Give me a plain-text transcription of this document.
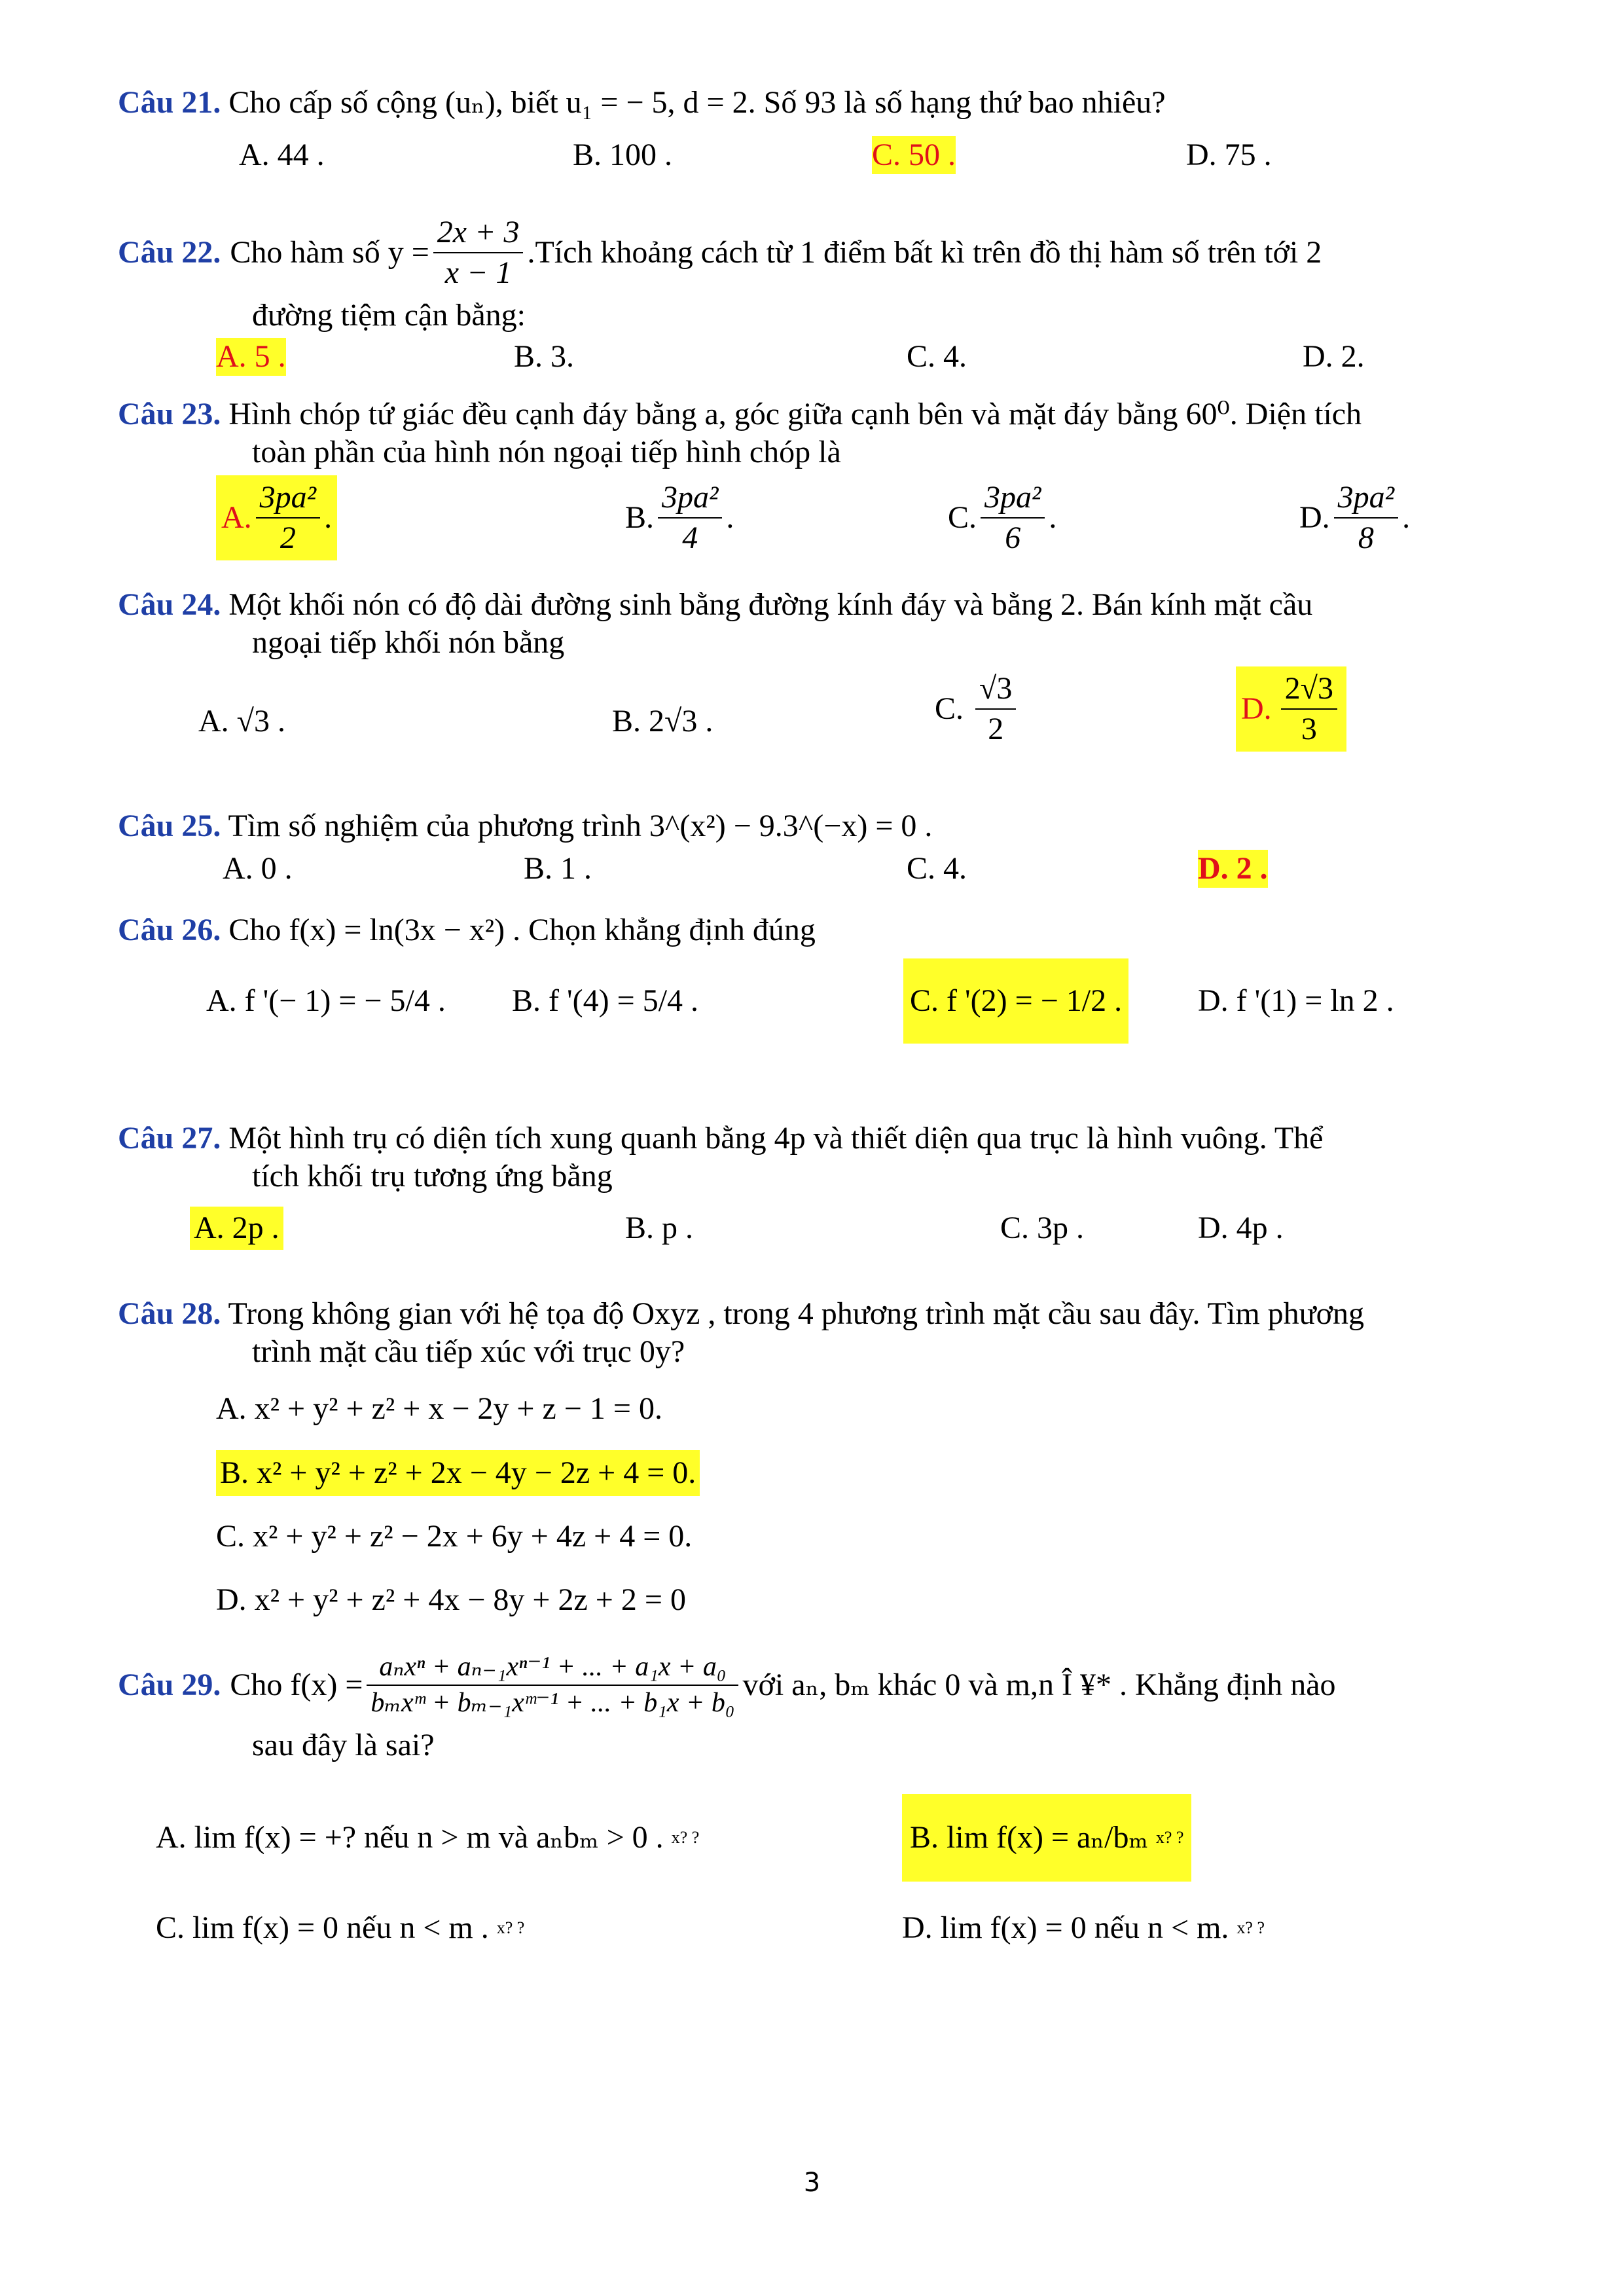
Câu 21. Cho cấp số cộng (uₙ), biết u₁ = − 5, d = 2. Số 93 là số hạng thứ bao nhiêu?
A. 44 .	B. 100 .	C. 50 .	D. 75 .
Câu 22. Cho hàm số $y = \frac{2x + 3}{x - 1}$ .Tích khoảng cách từ 1 điểm bất kì trên đồ thị hàm số trên tới 2
đường tiệm cận bằng:
A. 5 .	B. 3.	C. 4.	D. 2.
Câu 23. Hình chóp tứ giác đều cạnh đáy bằng a, góc giữa cạnh bên và mặt đáy bằng 60⁰. Diện tích
toàn phần của hình nón ngoại tiếp hình chóp là
A. $\frac{\text{3pa²}}{2}$ .	B. $\frac{\text{3pa²}}{4}$ .	C. $\frac{\text{3pa²}}{6}$ .	D. $\frac{\text{3pa²}}{8}$ .
Câu 24. Một khối nón có độ dài đường sinh bằng đường kính đáy và bằng 2. Bán kính mặt cầu
ngoại tiếp khối nón bằng
A. √3 .	B. 2√3 .	C. $\frac{√3}{2}$	D. $\frac{2√3}{3}$
Câu 25. Tìm số nghiệm của phương trình 3^(x²) − 9.3^(−x) = 0 .
A. 0 .	B. 1 .	C. 4.	D. 2 .
Câu 26. Cho f(x) = ln(3x − x²) . Chọn khẳng định đúng
A. f '(− 1) = − 5/4 . B. f '(4) = 5/4 .	C. f '(2) = − 1/2 . D. f '(1) = ln 2 .
Câu 27. Một hình trụ có diện tích xung quanh bằng 4p và thiết diện qua trục là hình vuông. Thể
tích khối trụ tương ứng bằng
A. 2p .	B. p .	C. 3p .	D. 4p .
Câu 28. Trong không gian với hệ tọa độ Oxyz , trong 4 phương trình mặt cầu sau đây. Tìm phương
trình mặt cầu tiếp xúc với trục 0y?
A. x² + y² + z² + x − 2y + z − 1 = 0.
B. x² + y² + z² + 2x − 4y − 2z + 4 = 0.
C. x² + y² + z² − 2x + 6y + 4z + 4 = 0.
D. x² + y² + z² + 4x − 8y + 2z + 2 = 0
Câu 29. Cho $f(x) = \frac{\text{aₙxⁿ + aₙ₋₁xⁿ⁻¹ + ... + a₁x + a₀}}{\text{bₘxᵐ + bₘ₋₁xᵐ⁻¹ + ... + b₁x + b₀}}$ với aₙ, bₘ khác 0 và m,n Î ¥* . Khẳng định nào
sau đây là sai?
A. lim f(x) = +? nếu n > m và aₙbₘ > 0 . x? ?	B. lim f(x) = aₙ/bₘ x? ?
C. lim f(x) = 0 nếu n < m . x? ?	D. lim f(x) = 0 nếu n < m. x? ?
3
